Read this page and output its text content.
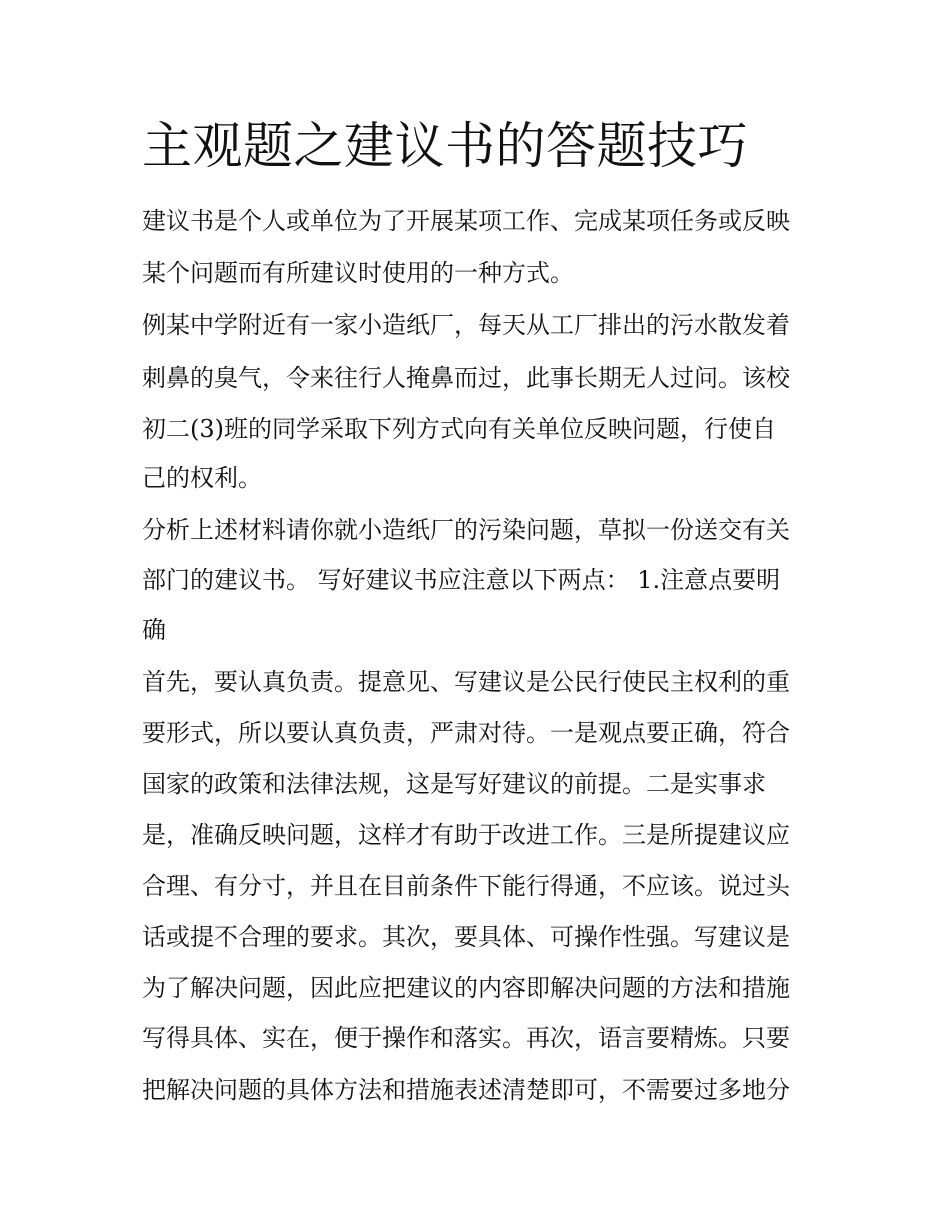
主观题之建议书的答题技巧

建议书是个人或单位为了开展某项工作、完成某项任务或反映

某个问题而有所建议时使用的一种方式。

例某中学附近有一家小造纸厂，每天从工厂排出的污水散发着

刺鼻的臭气，令来往行人掩鼻而过，此事长期无人过问。该校

初二(3)班的同学采取下列方式向有关单位反映问题，行使自

己的权利。

分析上述材料请你就小造纸厂的污染问题，草拟一份送交有关

部门的建议书。 写好建议书应注意以下两点： 1.注意点要明

确

首先，要认真负责。提意见、写建议是公民行使民主权利的重

要形式，所以要认真负责，严肃对待。一是观点要正确，符合

国家的政策和法律法规，这是写好建议的前提。二是实事求

是，准确反映问题，这样才有助于改进工作。三是所提建议应

合理、有分寸，并且在目前条件下能行得通，不应该。说过头

话或提不合理的要求。其次，要具体、可操作性强。写建议是

为了解决问题，因此应把建议的内容即解决问题的方法和措施

写得具体、实在，便于操作和落实。再次，语言要精炼。只要

把解决问题的具体方法和措施表述清楚即可，不需要过多地分
